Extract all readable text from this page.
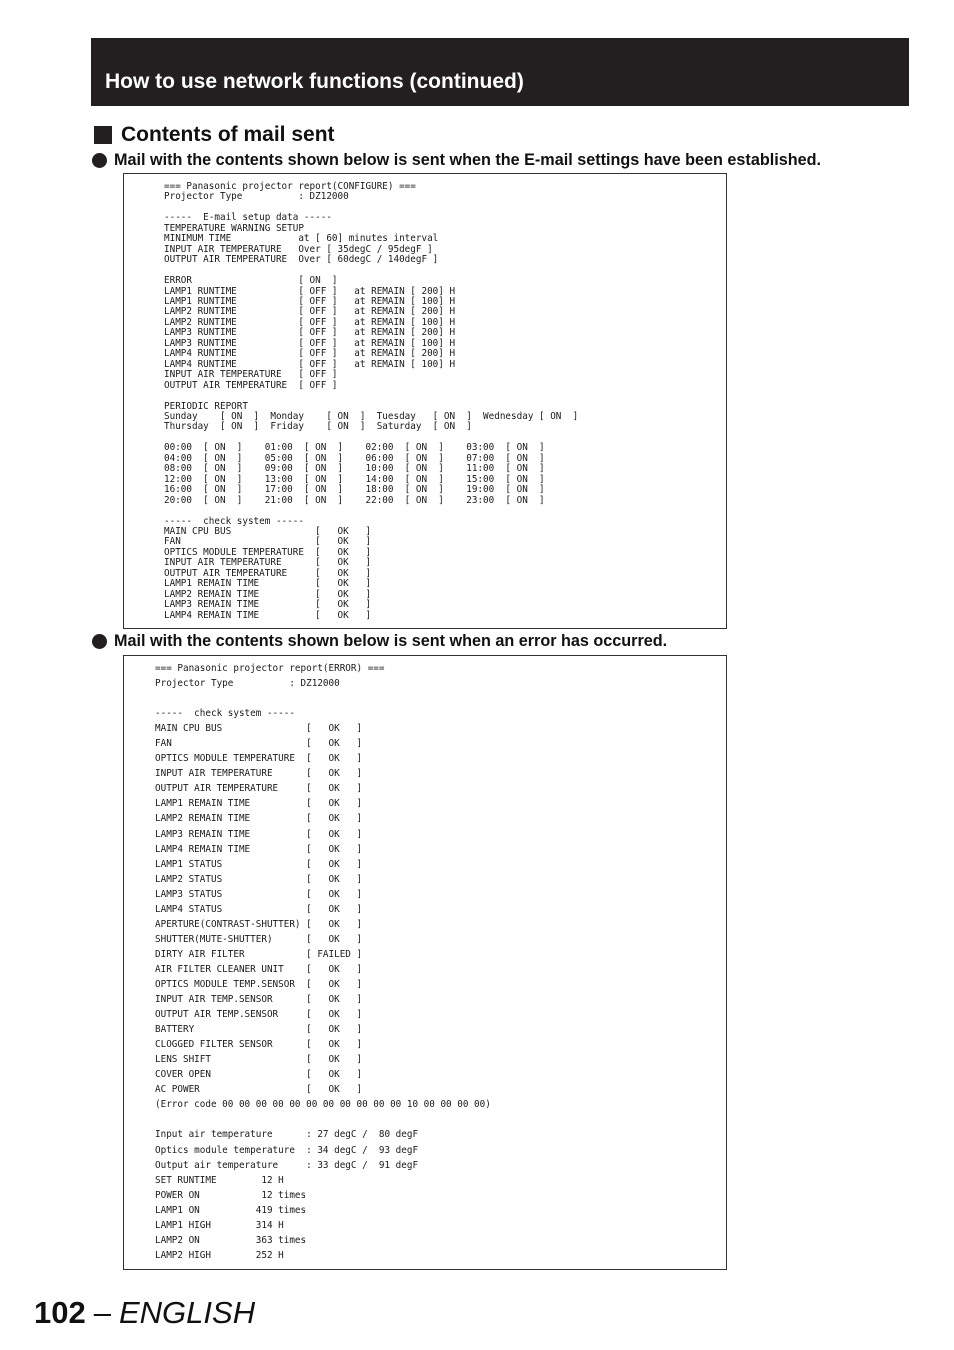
How to use network functions (continued)
Contents of mail sent
Mail with the contents shown below is sent when the E-mail settings have been established.
=== Panasonic projector report(CONFIGURE) ===
Projector Type          : DZ12000

-----  E-mail setup data -----
TEMPERATURE WARNING SETUP
MINIMUM TIME            at [ 60] minutes interval
INPUT AIR TEMPERATURE   Over [ 35degC / 95degF ]
OUTPUT AIR TEMPERATURE  Over [ 60degC / 140degF ]

ERROR                   [ ON  ]
LAMP1 RUNTIME           [ OFF ]   at REMAIN [ 200] H
LAMP1 RUNTIME           [ OFF ]   at REMAIN [ 100] H
LAMP2 RUNTIME           [ OFF ]   at REMAIN [ 200] H
LAMP2 RUNTIME           [ OFF ]   at REMAIN [ 100] H
LAMP3 RUNTIME           [ OFF ]   at REMAIN [ 200] H
LAMP3 RUNTIME           [ OFF ]   at REMAIN [ 100] H
LAMP4 RUNTIME           [ OFF ]   at REMAIN [ 200] H
LAMP4 RUNTIME           [ OFF ]   at REMAIN [ 100] H
INPUT AIR TEMPERATURE   [ OFF ]
OUTPUT AIR TEMPERATURE  [ OFF ]

PERIODIC REPORT
Sunday    [ ON  ]  Monday    [ ON  ]  Tuesday   [ ON  ]  Wednesday [ ON  ]
Thursday  [ ON  ]  Friday    [ ON  ]  Saturday  [ ON  ]

00:00  [ ON  ]    01:00  [ ON  ]    02:00  [ ON  ]    03:00  [ ON  ]
04:00  [ ON  ]    05:00  [ ON  ]    06:00  [ ON  ]    07:00  [ ON  ]
08:00  [ ON  ]    09:00  [ ON  ]    10:00  [ ON  ]    11:00  [ ON  ]
12:00  [ ON  ]    13:00  [ ON  ]    14:00  [ ON  ]    15:00  [ ON  ]
16:00  [ ON  ]    17:00  [ ON  ]    18:00  [ ON  ]    19:00  [ ON  ]
20:00  [ ON  ]    21:00  [ ON  ]    22:00  [ ON  ]    23:00  [ ON  ]

-----  check system -----
MAIN CPU BUS               [   OK   ]
FAN                        [   OK   ]
OPTICS MODULE TEMPERATURE  [   OK   ]
INPUT AIR TEMPERATURE      [   OK   ]
OUTPUT AIR TEMPERATURE     [   OK   ]
LAMP1 REMAIN TIME          [   OK   ]
LAMP2 REMAIN TIME          [   OK   ]
LAMP3 REMAIN TIME          [   OK   ]
LAMP4 REMAIN TIME          [   OK   ]
Mail with the contents shown below is sent when an error has occurred.
=== Panasonic projector report(ERROR) ===
Projector Type          : DZ12000

-----  check system -----
MAIN CPU BUS               [   OK   ]
FAN                        [   OK   ]
OPTICS MODULE TEMPERATURE  [   OK   ]
INPUT AIR TEMPERATURE      [   OK   ]
OUTPUT AIR TEMPERATURE     [   OK   ]
LAMP1 REMAIN TIME          [   OK   ]
LAMP2 REMAIN TIME          [   OK   ]
LAMP3 REMAIN TIME          [   OK   ]
LAMP4 REMAIN TIME          [   OK   ]
LAMP1 STATUS               [   OK   ]
LAMP2 STATUS               [   OK   ]
LAMP3 STATUS               [   OK   ]
LAMP4 STATUS               [   OK   ]
APERTURE(CONTRAST-SHUTTER) [   OK   ]
SHUTTER(MUTE-SHUTTER)      [   OK   ]
DIRTY AIR FILTER           [ FAILED ]
AIR FILTER CLEANER UNIT    [   OK   ]
OPTICS MODULE TEMP.SENSOR  [   OK   ]
INPUT AIR TEMP.SENSOR      [   OK   ]
OUTPUT AIR TEMP.SENSOR     [   OK   ]
BATTERY                    [   OK   ]
CLOGGED FILTER SENSOR      [   OK   ]
LENS SHIFT                 [   OK   ]
COVER OPEN                 [   OK   ]
AC POWER                   [   OK   ]
(Error code 00 00 00 00 00 00 00 00 00 00 00 10 00 00 00 00)

Input air temperature      : 27 degC /  80 degF
Optics module temperature  : 34 degC /  93 degF
Output air temperature     : 33 degC /  91 degF
SET RUNTIME        12 H
POWER ON           12 times
LAMP1 ON          419 times
LAMP1 HIGH        314 H
LAMP2 ON          363 times
LAMP2 HIGH        252 H
102 – ENGLISH
